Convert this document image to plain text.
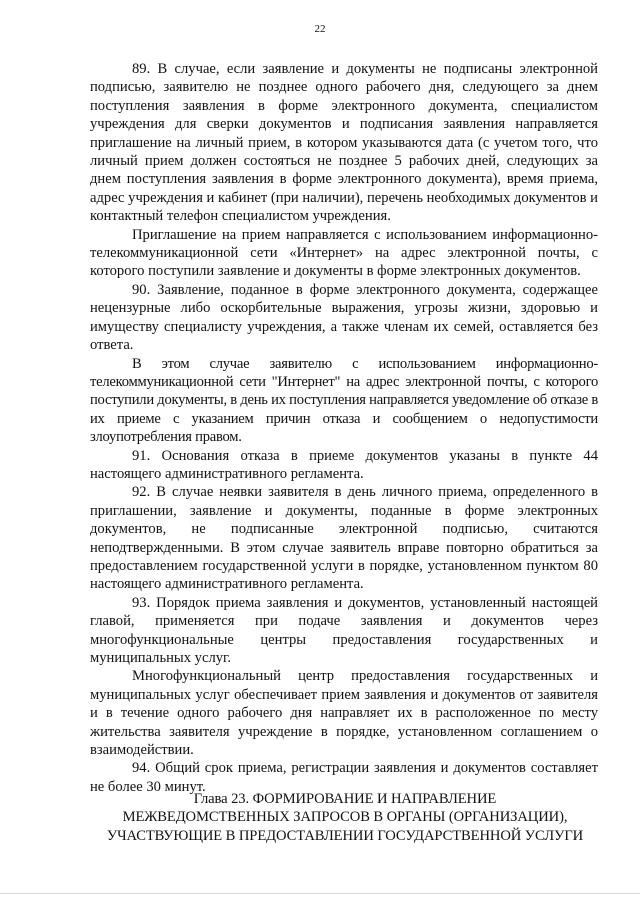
22

89. В случае, если заявление и документы не подписаны электронной подписью, заявителю не позднее одного рабочего дня, следующего за днем поступления заявления в форме электронного документа, специалистом учреждения для сверки документов и подписания заявления направляется приглашение на личный прием, в котором указываются дата (с учетом того, что личный прием должен состояться не позднее 5 рабочих дней, следующих за днем поступления заявления в форме электронного документа), время приема, адрес учреждения и кабинет (при наличии), перечень необходимых документов и контактный телефон специалистом учреждения.

Приглашение на прием направляется с использованием информационно-телекоммуникационной сети «Интернет» на адрес электронной почты, с которого поступили заявление и документы в форме электронных документов.

90. Заявление, поданное в форме электронного документа, содержащее нецензурные либо оскорбительные выражения, угрозы жизни, здоровью и имуществу специалисту учреждения, а также членам их семей, оставляется без ответа.

В этом случае заявителю с использованием информационно-телекоммуникационной сети "Интернет" на адрес электронной почты, с которого поступили документы, в день их поступления направляется уведомление об отказе в их приеме с указанием причин отказа и сообщением о недопустимости злоупотребления правом.

91. Основания отказа в приеме документов указаны в пункте 44 настоящего административного регламента.

92. В случае неявки заявителя в день личного приема, определенного в приглашении, заявление и документы, поданные в форме электронных документов, не подписанные электронной подписью, считаются неподтвержденными. В этом случае заявитель вправе повторно обратиться за предоставлением государственной услуги в порядке, установленном пунктом 80 настоящего административного регламента.

93. Порядок приема заявления и документов, установленный настоящей главой, применяется при подаче заявления и документов через многофункциональные центры предоставления государственных и муниципальных услуг.

Многофункциональный центр предоставления государственных и муниципальных услуг обеспечивает прием заявления и документов от заявителя и в течение одного рабочего дня направляет их в расположенное по месту жительства заявителя учреждение в порядке, установленном соглашением о взаимодействии.

94. Общий срок приема, регистрации заявления и документов составляет не более 30 минут.

Глава 23. ФОРМИРОВАНИЕ И НАПРАВЛЕНИЕ
МЕЖВЕДОМСТВЕННЫХ ЗАПРОСОВ В ОРГАНЫ (ОРГАНИЗАЦИИ),
УЧАСТВУЮЩИЕ В ПРЕДОСТАВЛЕНИИ ГОСУДАРСТВЕННОЙ УСЛУГИ
